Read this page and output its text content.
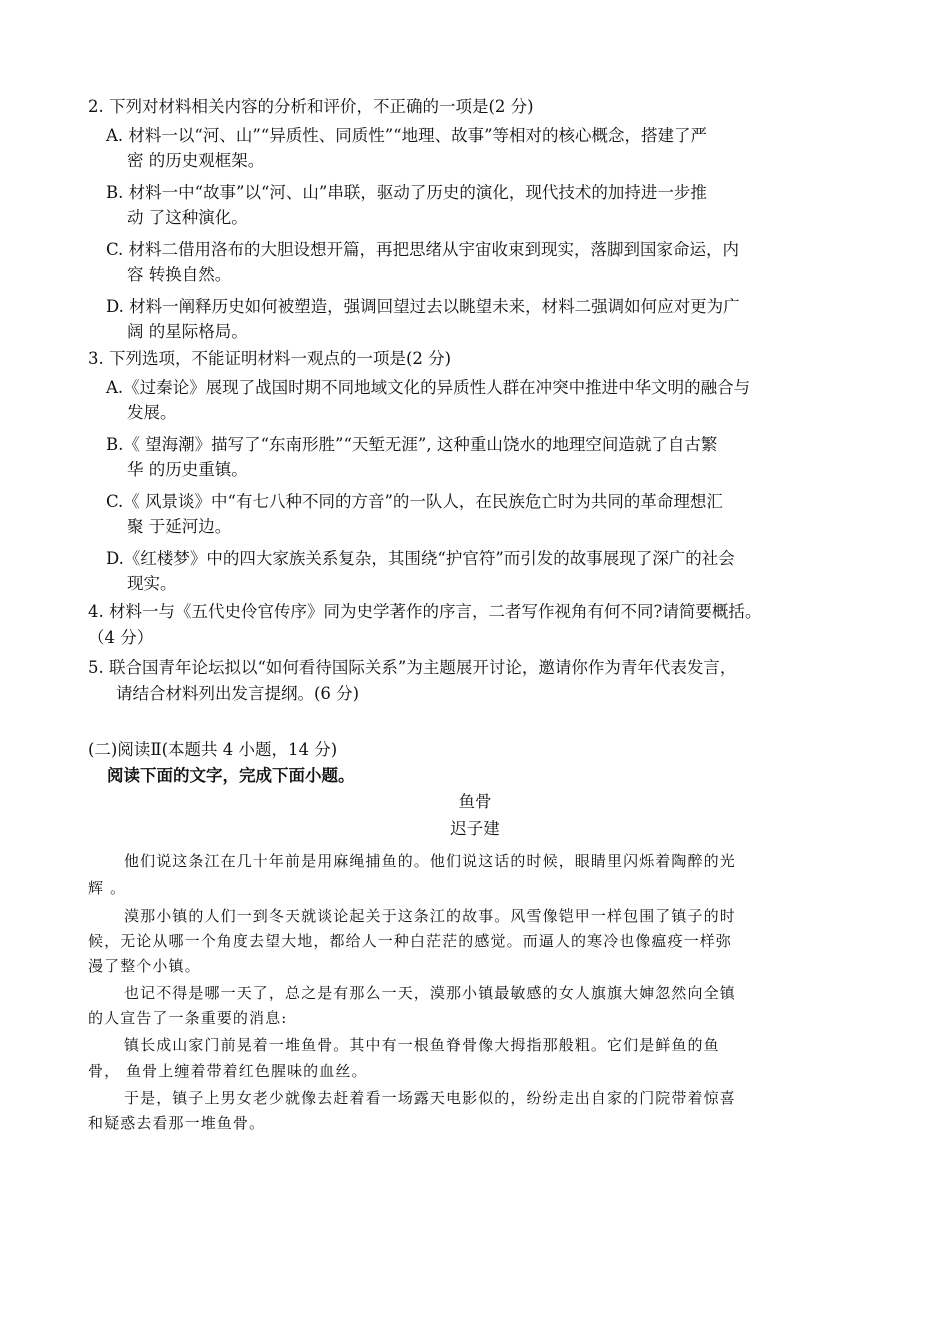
2. 下列对材料相关内容的分析和评价，不正确的一项是(2 分)
A. 材料一以“河、山”“异质性、同质性”“地理、故事”等相对的核心概念，搭建了严
密 的历史观框架。
B. 材料一中“故事”以“河、山”串联，驱动了历史的演化，现代技术的加持进一步推
动 了这种演化。
C. 材料二借用洛布的大胆设想开篇，再把思绪从宇宙收束到现实，落脚到国家命运，内
容 转换自然。
D. 材料一阐释历史如何被塑造，强调回望过去以眺望未来，材料二强调如何应对更为广
阔 的星际格局。
3. 下列选项，不能证明材料一观点的一项是(2 分)
A.《过秦论》展现了战国时期不同地域文化的异质性人群在冲突中推进中华文明的融合与
发展。
B.《 望海潮》描写了“东南形胜”“天堑无涯”, 这种重山饶水的地理空间造就了自古繁
华 的历史重镇。
C.《 风景谈》中“有七八种不同的方音”的一队人，在民族危亡时为共同的革命理想汇
聚 于延河边。
D.《红楼梦》中的四大家族关系复杂，其围绕“护官符”而引发的故事展现了深广的社会
现实。
4. 材料一与《五代史伶官传序》同为史学著作的序言，二者写作视角有何不同?请简要概括。
（4 分）
5. 联合国青年论坛拟以“如何看待国际关系”为主题展开讨论，邀请你作为青年代表发言，
请结合材料列出发言提纲。(6 分)
(二)阅读Ⅱ(本题共 4 小题，14 分)
阅读下面的文字，完成下面小题。
鱼骨
迟子建
他们说这条江在几十年前是用麻绳捕鱼的。他们说这话的时候，眼睛里闪烁着陶醉的光
辉 。
漠那小镇的人们一到冬天就谈论起关于这条江的故事。风雪像铠甲一样包围了镇子的时
候，无论从哪一个角度去望大地，都给人一种白茫茫的感觉。而逼人的寒冷也像瘟疫一样弥
漫了整个小镇。
也记不得是哪一天了，总之是有那么一天，漠那小镇最敏感的女人旗旗大婶忽然向全镇
的人宣告了一条重要的消息:
镇长成山家门前晃着一堆鱼骨。其中有一根鱼脊骨像大拇指那般粗。它们是鲜鱼的鱼
骨， 鱼骨上缠着带着红色腥味的血丝。
于是，镇子上男女老少就像去赶着看一场露天电影似的，纷纷走出自家的门院带着惊喜
和疑惑去看那一堆鱼骨。
